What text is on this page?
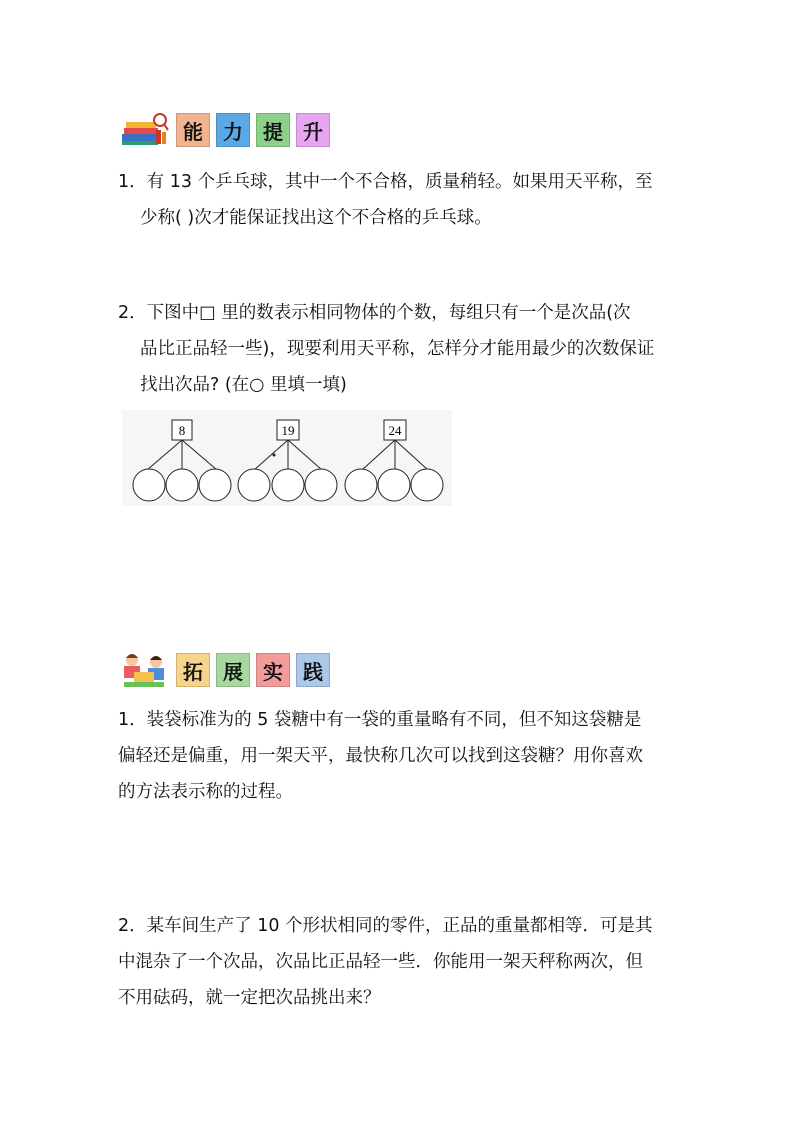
能	力	提	升

1．有 13 个乒乓球，其中一个不合格，质量稍轻。如果用天平称，至

少称( )次才能保证找出这个不合格的乒乓球。

2．下图中□ 里的数表示相同物体的个数，每组只有一个是次品(次

品比正品轻一些)，现要利用天平称，怎样分才能用最少的次数保证

找出次品? (在○ 里填一填)

8	19	24
拓	展	实	践

1．装袋标准为的 5 袋糖中有一袋的重量略有不同，但不知这袋糖是

偏轻还是偏重，用一架天平，最快称几次可以找到这袋糖？用你喜欢

的方法表示称的过程。

2．某车间生产了 10 个形状相同的零件，正品的重量都相等．可是其

中混杂了一个次品，次品比正品轻一些．你能用一架天秤称两次，但

不用砝码，就一定把次品挑出来？
